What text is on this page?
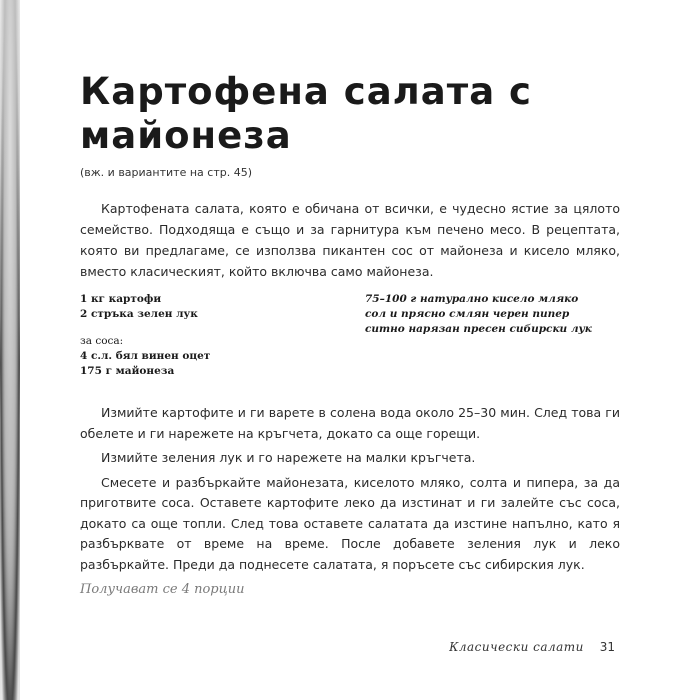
Картофена салата с майонеза
(вж. и вариантите на стр. 45)

Картофената салата, която е обичана от всички, е чудесно ястие за цялото семейство. Подходяща е също и за гарнитура към печено месо. В рецептата, която ви предлагаме, се използва пикантен сос от майонеза и кисело мляко, вместо класическият, който включва само майонеза.

1 кг картофи
2 стръка зелен лук
за соса:
4 с.л. бял винен оцет
175 г майонеза
75–100 г натурално кисело мляко
сол и прясно смлян черен пипер
ситно нарязан пресен сибирски лук

Измийте картофите и ги варете в солена вода около 25–30 мин. След това ги обелете и ги нарежете на кръгчета, докато са още горещи.

Измийте зеления лук и го нарежете на малки кръгчета.

Смесете и разбъркайте майонезата, киселото мляко, солта и пипера, за да приготвите соса. Оставете картофите леко да изстинат и ги залейте със соса, докато са още топли. След това оставете салатата да изстине напълно, като я разбърквате от време на време. После добавете зеления лук и леко разбъркайте. Преди да поднесете салатата, я поръсете със сибирския лук.

Получават се 4 порции
Класически салати 31
